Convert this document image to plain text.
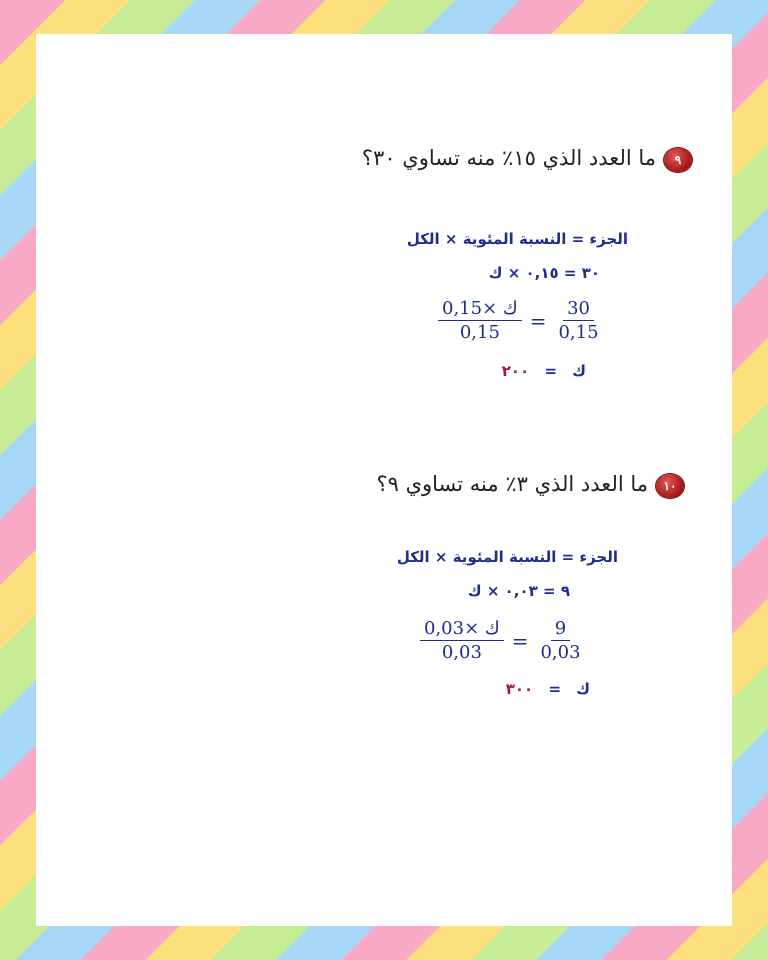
٩ما العدد الذي ١٥٪ منه تساوي ٣٠؟
الجزء = النسبة المئوية × الكل
٣٠ = ٠,١٥ × ك
$\frac{\text{ك ×0,15}}{0,15} = \frac{30}{0,15}$
ك = ٢٠٠
١٠ما العدد الذي ٣٪ منه تساوي ٩؟
الجزء = النسبة المئوية × الكل
٩ = ٠,٠٣ × ك
$\frac{\text{ك ×0,03}}{0,03} = \frac{9}{0,03}$
ك = ٣٠٠
